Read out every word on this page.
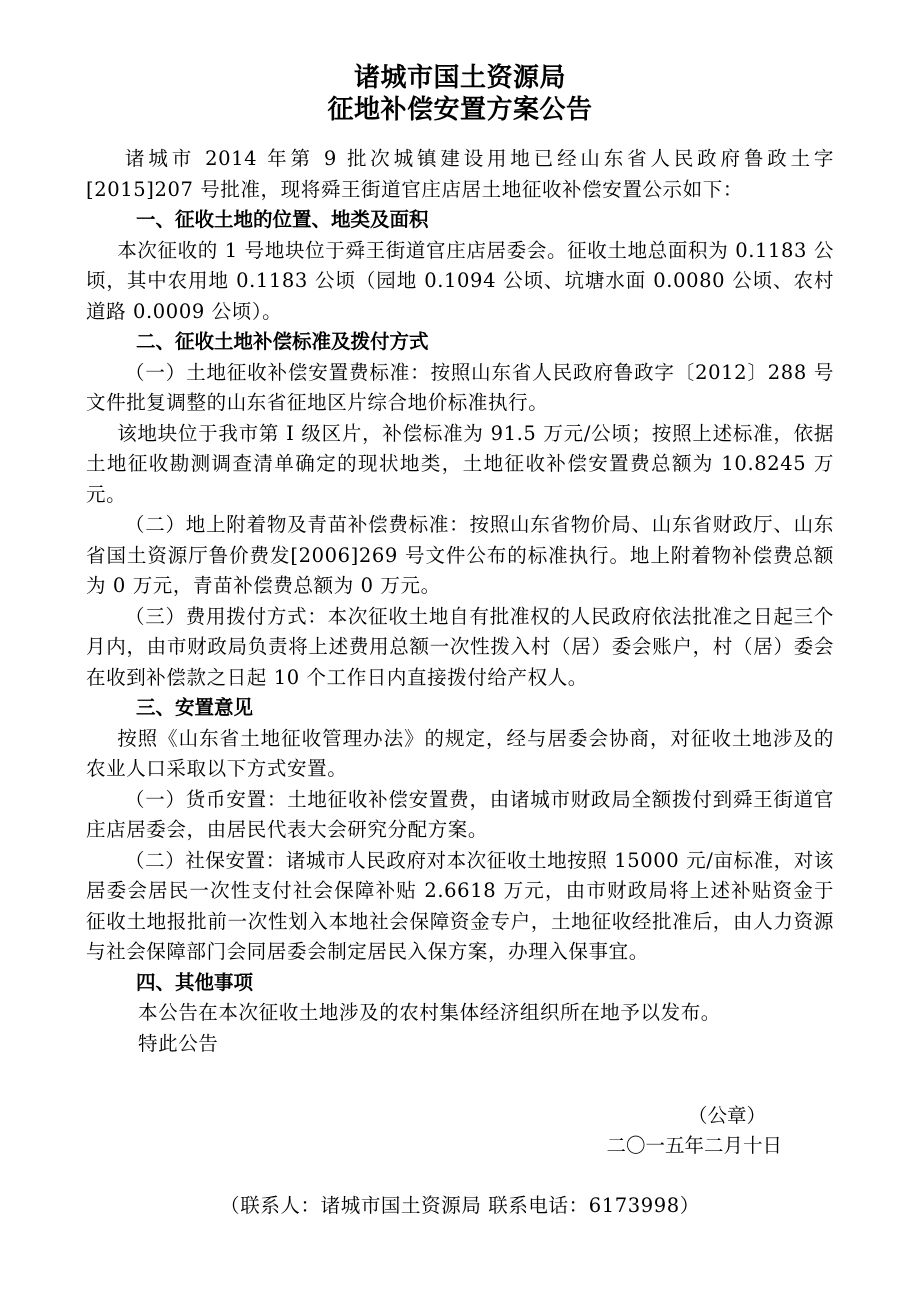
诸城市国土资源局
征地补偿安置方案公告

诸城市 2014 年第 9 批次城镇建设用地已经山东省人民政府鲁政土字[2015]207 号批准，现将舜王街道官庄店居土地征收补偿安置公示如下：

一、征收土地的位置、地类及面积

本次征收的 1 号地块位于舜王街道官庄店居委会。征收土地总面积为 0.1183 公顷，其中农用地 0.1183 公顷（园地 0.1094 公顷、坑塘水面 0.0080 公顷、农村道路 0.0009 公顷）。

二、征收土地补偿标准及拨付方式

（一）土地征收补偿安置费标准：按照山东省人民政府鲁政字〔2012〕288 号文件批复调整的山东省征地区片综合地价标准执行。

该地块位于我市第 I 级区片，补偿标准为 91.5 万元/公顷；按照上述标准，依据土地征收勘测调查清单确定的现状地类，土地征收补偿安置费总额为 10.8245 万元。

（二）地上附着物及青苗补偿费标准：按照山东省物价局、山东省财政厅、山东省国土资源厅鲁价费发[2006]269 号文件公布的标准执行。地上附着物补偿费总额为 0 万元，青苗补偿费总额为 0 万元。

（三）费用拨付方式：本次征收土地自有批准权的人民政府依法批准之日起三个月内，由市财政局负责将上述费用总额一次性拨入村（居）委会账户，村（居）委会在收到补偿款之日起 10 个工作日内直接拨付给产权人。

三、安置意见

按照《山东省土地征收管理办法》的规定，经与居委会协商，对征收土地涉及的农业人口采取以下方式安置。

（一）货币安置：土地征收补偿安置费，由诸城市财政局全额拨付到舜王街道官庄店居委会，由居民代表大会研究分配方案。

（二）社保安置：诸城市人民政府对本次征收土地按照 15000 元/亩标准，对该居委会居民一次性支付社会保障补贴 2.6618 万元，由市财政局将上述补贴资金于征收土地报批前一次性划入本地社会保障资金专户，土地征收经批准后，由人力资源与社会保障部门会同居委会制定居民入保方案，办理入保事宜。

四、其他事项

本公告在本次征收土地涉及的农村集体经济组织所在地予以发布。

特此公告

（公章）
二〇一五年二月十日
（联系人：诸城市国土资源局 联系电话：6173998）
